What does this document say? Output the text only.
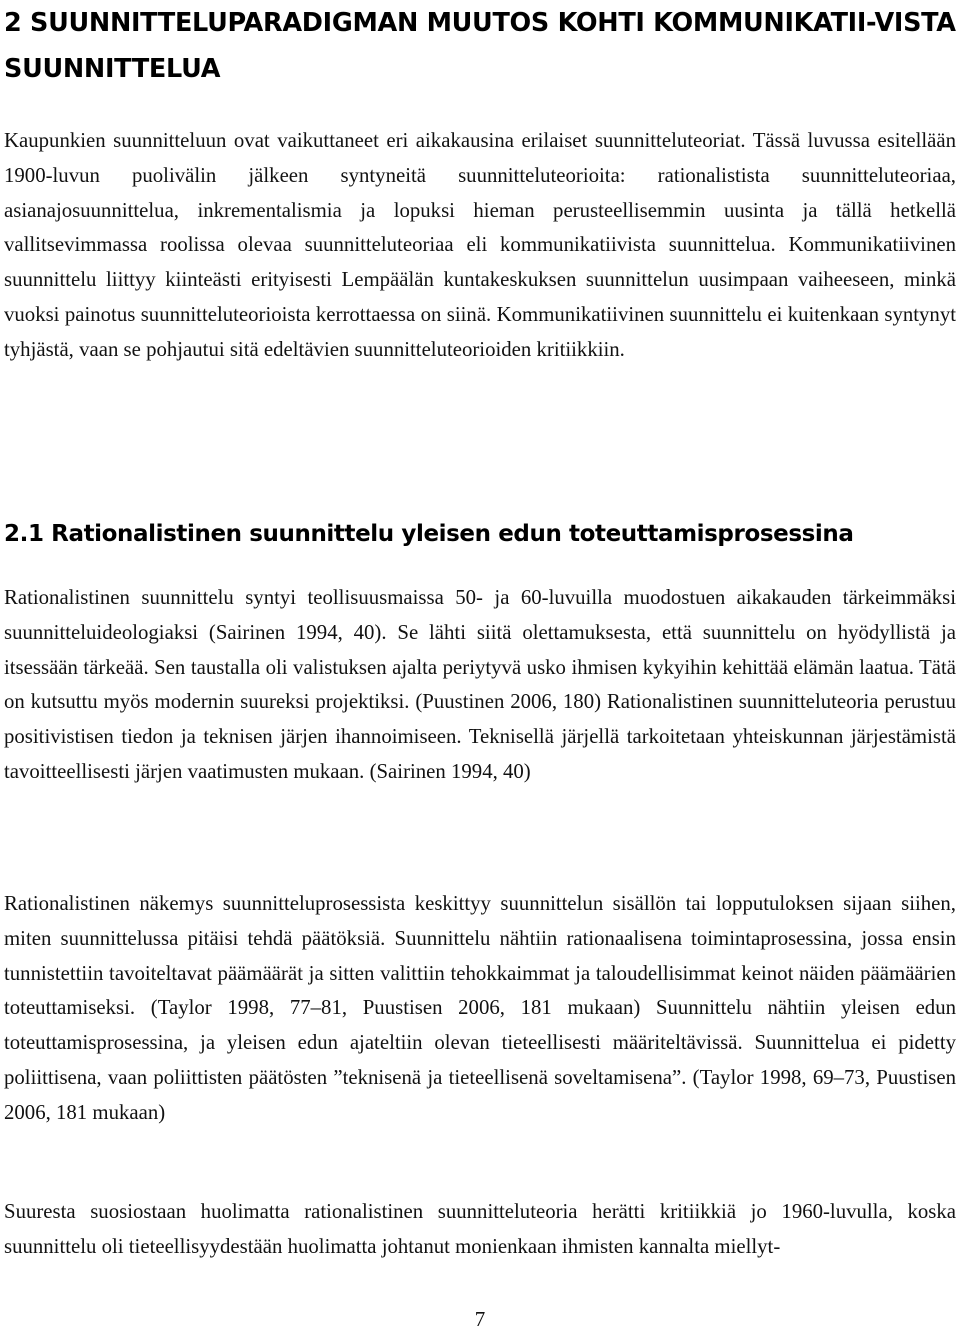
2 SUUNNITTELUPARADIGMAN MUUTOS KOHTI KOMMUNIKATII-VISTA SUUNNITTELUA

Kaupunkien suunnitteluun ovat vaikuttaneet eri aikakausina erilaiset suunnitteluteoriat. Tässä luvussa esitellään 1900-luvun puolivälin jälkeen syntyneitä suunnitteluteorioita: rationalistista suunnitteluteoriaa, asianajosuunnittelua, inkrementalismia ja lopuksi hieman perusteellisemmin uusinta ja tällä hetkellä vallitsevimmassa roolissa olevaa suunnitteluteoriaa eli kommunikatiivista suunnittelua. Kommunikatiivinen suunnittelu liittyy kiinteästi erityisesti Lempäälän kuntakeskuksen suunnittelun uusimpaan vaiheeseen, minkä vuoksi painotus suunnitteluteorioista kerrottaessa on siinä. Kommunikatiivinen suunnittelu ei kuitenkaan syntynyt tyhjästä, vaan se pohjautui sitä edeltävien suunnitteluteorioiden kritiikkiin.

2.1 Rationalistinen suunnittelu yleisen edun toteuttamisprosessina

Rationalistinen suunnittelu syntyi teollisuusmaissa 50- ja 60-luvuilla muodostuen aikakauden tärkeimmäksi suunnitteluideologiaksi (Sairinen 1994, 40). Se lähti siitä olettamuksesta, että suunnittelu on hyödyllistä ja itsessään tärkeää. Sen taustalla oli valistuksen ajalta periytyvä usko ihmisen kykyihin kehittää elämän laatua. Tätä on kutsuttu myös modernin suureksi projektiksi. (Puustinen 2006, 180) Rationalistinen suunnitteluteoria perustuu positivistisen tiedon ja teknisen järjen ihannoimiseen. Teknisellä järjellä tarkoitetaan yhteiskunnan järjestämistä tavoitteellisesti järjen vaatimusten mukaan. (Sairinen 1994, 40)

Rationalistinen näkemys suunnitteluprosessista keskittyy suunnittelun sisällön tai lopputuloksen sijaan siihen, miten suunnittelussa pitäisi tehdä päätöksiä. Suunnittelu nähtiin rationaalisena toimintaprosessina, jossa ensin tunnistettiin tavoiteltavat päämäärät ja sitten valittiin tehokkaimmat ja taloudellisimmat keinot näiden päämäärien toteuttamiseksi. (Taylor 1998, 77–81, Puustisen 2006, 181 mukaan) Suunnittelu nähtiin yleisen edun toteuttamisprosessina, ja yleisen edun ajateltiin olevan tieteellisesti määriteltävissä. Suunnittelua ei pidetty poliittisena, vaan poliittisten päätösten ”teknisenä ja tieteellisenä soveltamisena”. (Taylor 1998, 69–73, Puustisen 2006, 181 mukaan)

Suuresta suosiostaan huolimatta rationalistinen suunnitteluteoria herätti kritiikkiä jo 1960-luvulla, koska suunnittelu oli tieteellisyydestään huolimatta johtanut monienkaan ihmisten kannalta miellyt-

7
